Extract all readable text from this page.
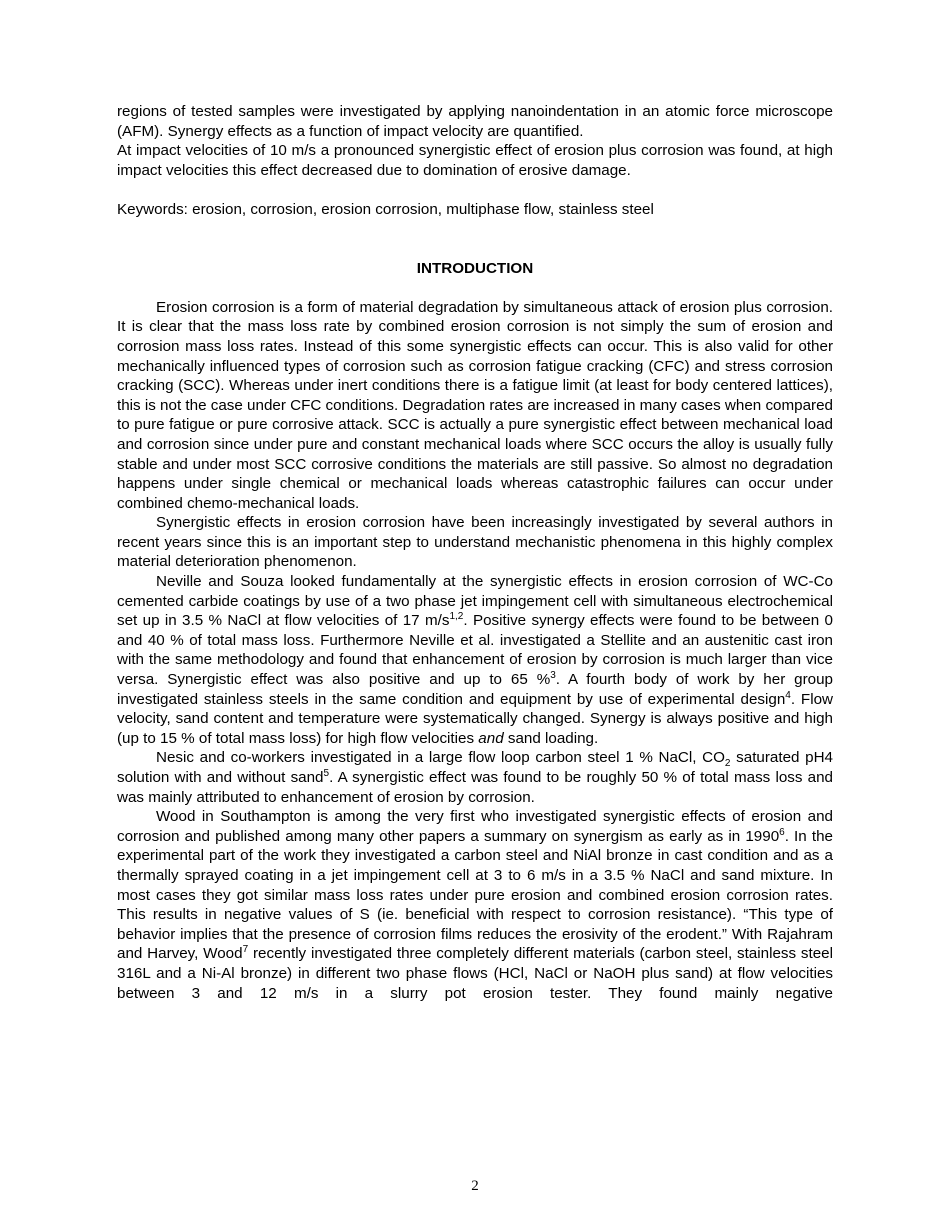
regions of tested samples were investigated by applying nanoindentation in an atomic force microscope (AFM). Synergy effects as a function of impact velocity are quantified.

At impact velocities of 10 m/s a pronounced synergistic effect of erosion plus corrosion was found, at high impact velocities this effect decreased due to domination of erosive damage.

Keywords: erosion, corrosion, erosion corrosion, multiphase flow, stainless steel

INTRODUCTION

Erosion corrosion is a form of material degradation by simultaneous attack of erosion plus corrosion. It is clear that the mass loss rate by combined erosion corrosion is not simply the sum of erosion and corrosion mass loss rates. Instead of this some synergistic effects can occur. This is also valid for other mechanically influenced types of corrosion such as corrosion fatigue cracking (CFC) and stress corrosion cracking (SCC). Whereas under inert conditions there is a fatigue limit (at least for body centered lattices), this is not the case under CFC conditions. Degradation rates are increased in many cases when compared to pure fatigue or pure corrosive attack. SCC is actually a pure synergistic effect between mechanical load and corrosion since under pure and constant mechanical loads where SCC occurs the alloy is usually fully stable and under most SCC corrosive conditions the materials are still passive. So almost no degradation happens under single chemical or mechanical loads whereas catastrophic failures can occur under combined chemo-mechanical loads.

Synergistic effects in erosion corrosion have been increasingly investigated by several authors in recent years since this is an important step to understand mechanistic phenomena in this highly complex material deterioration phenomenon.

Neville and Souza looked fundamentally at the synergistic effects in erosion corrosion of WC-Co cemented carbide coatings by use of a two phase jet impingement cell with simultaneous electrochemical set up in 3.5 % NaCl at flow velocities of 17 $m/s^{1,2}$. Positive synergy effects were found to be between 0 and 40 % of total mass loss. Furthermore Neville et al. investigated a Stellite and an austenitic cast iron with the same methodology and found that enhancement of erosion by corrosion is much larger than vice versa. Synergistic effect was also positive and up to 65 %$^3$. A fourth body of work by her group investigated stainless steels in the same condition and equipment by use of experimental design$^4$. Flow velocity, sand content and temperature were systematically changed. Synergy is always positive and high (up to 15 % of total mass loss) for high flow velocities and sand loading.

Nesic and co-workers investigated in a large flow loop carbon steel 1 % NaCl, $CO_2$ saturated pH4 solution with and without sand$^5$. A synergistic effect was found to be roughly 50 % of total mass loss and was mainly attributed to enhancement of erosion by corrosion.

Wood in Southampton is among the very first who investigated synergistic effects of erosion and corrosion and published among many other papers a summary on synergism as early as in 1990$^6$. In the experimental part of the work they investigated a carbon steel and NiAl bronze in cast condition and as a thermally sprayed coating in a jet impingement cell at 3 to 6 m/s in a 3.5 % NaCl and sand mixture. In most cases they got similar mass loss rates under pure erosion and combined erosion corrosion rates. This results in negative values of S (ie. beneficial with respect to corrosion resistance). “This type of behavior implies that the presence of corrosion films reduces the erosivity of the erodent.” With Rajahram and Harvey, Wood$^7$ recently investigated three completely different materials (carbon steel, stainless steel 316L and a Ni-Al bronze) in different two phase flows (HCl, NaCl or NaOH plus sand) at flow velocities between 3 and 12 m/s in a slurry pot erosion tester. They found mainly negative

2
